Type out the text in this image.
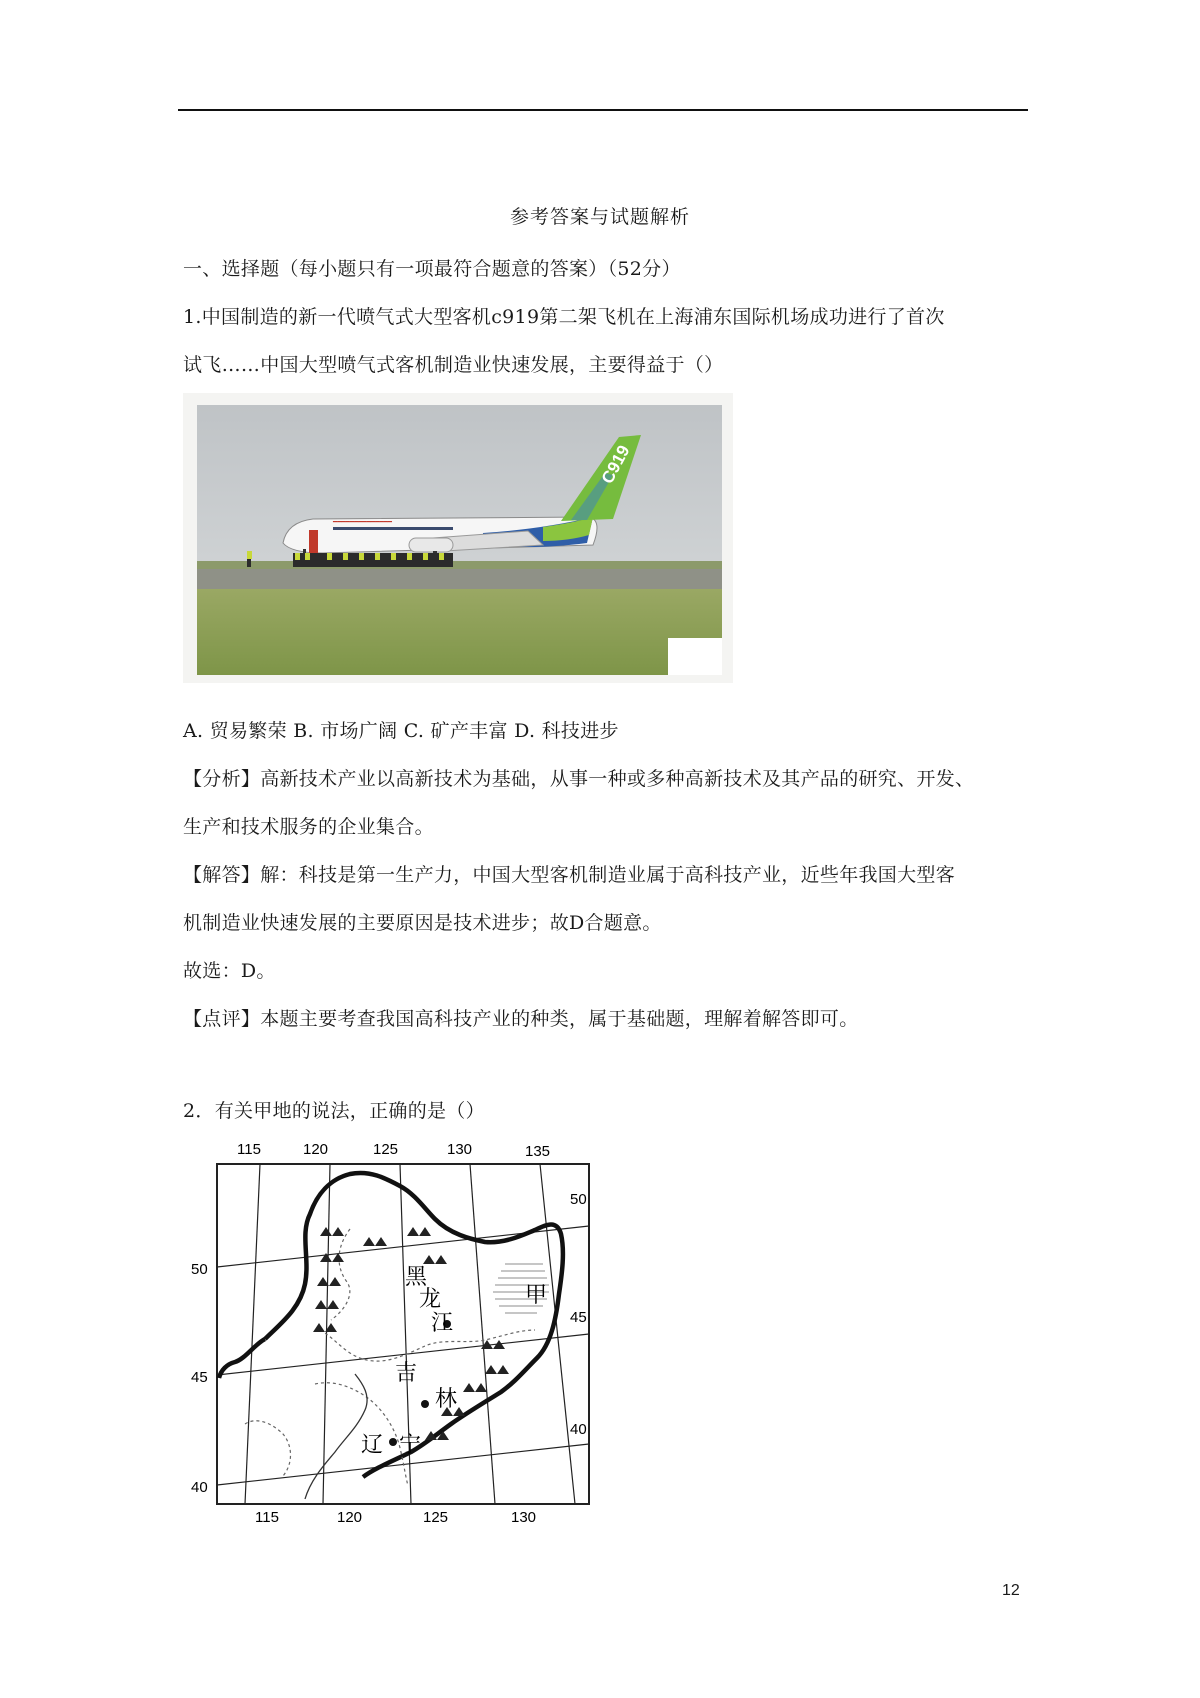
参考答案与试题解析
一、选择题（每小题只有一项最符合题意的答案）（52分）
1.中国制造的新一代喷气式大型客机c919第二架飞机在上海浦东国际机场成功进行了首次
试飞……中国大型喷气式客机制造业快速发展，主要得益于（）
C919
━━━━━━━━━━━━━━
A. 贸易繁荣 B. 市场广阔 C. 矿产丰富 D. 科技进步
【分析】高新技术产业以高新技术为基础，从事一种或多种高新技术及其产品的研究、开发、
生产和技术服务的企业集合。
【解答】解：科技是第一生产力，中国大型客机制造业属于高科技产业，近些年我国大型客
机制造业快速发展的主要原因是技术进步；故D合题意。
故选：D。
【点评】本题主要考查我国高科技产业的种类，属于基础题，理解着解答即可。
2．有关甲地的说法，正确的是（）
115	120	125	130	135
115	120	125	130
50
45
40
50
45
40
黑
龙
江
吉
林
辽 宁
甲
12
